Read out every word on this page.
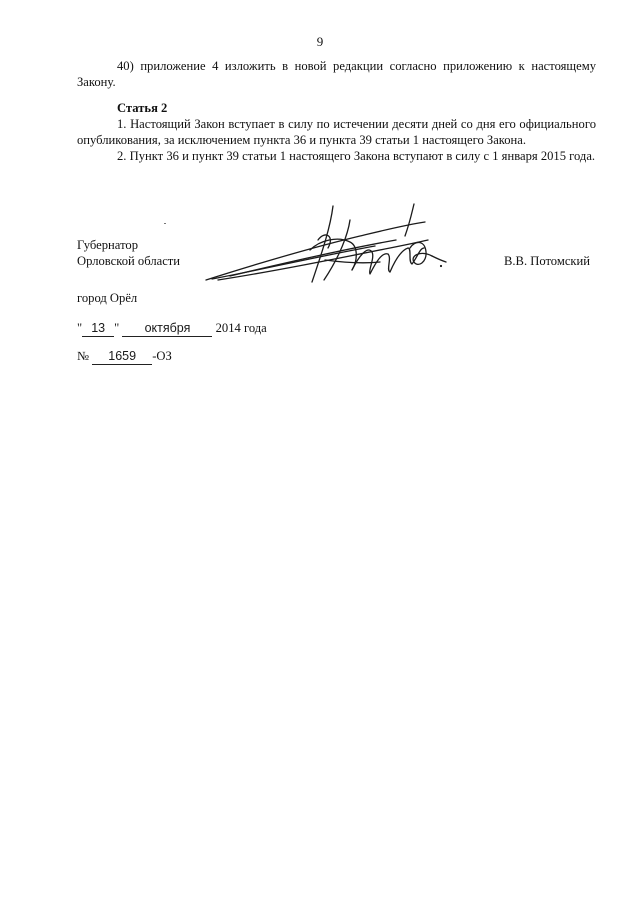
9

40) приложение 4 изложить в новой редакции согласно приложению к настоящему Закону.

Статья 2

1. Настоящий Закон вступает в силу по истечении десяти дней со дня его официального опубликования, за исключением пункта 36 и пункта 39 статьи 1 настоящего Закона.

2. Пункт 36 и пункт 39 статьи 1 настоящего Закона вступают в силу с 1 января 2015 года.

Губернатор
Орловской области	В.В. Потомский
город Орёл
" 13 " октября 2014 года
№ 1659 -ОЗ
